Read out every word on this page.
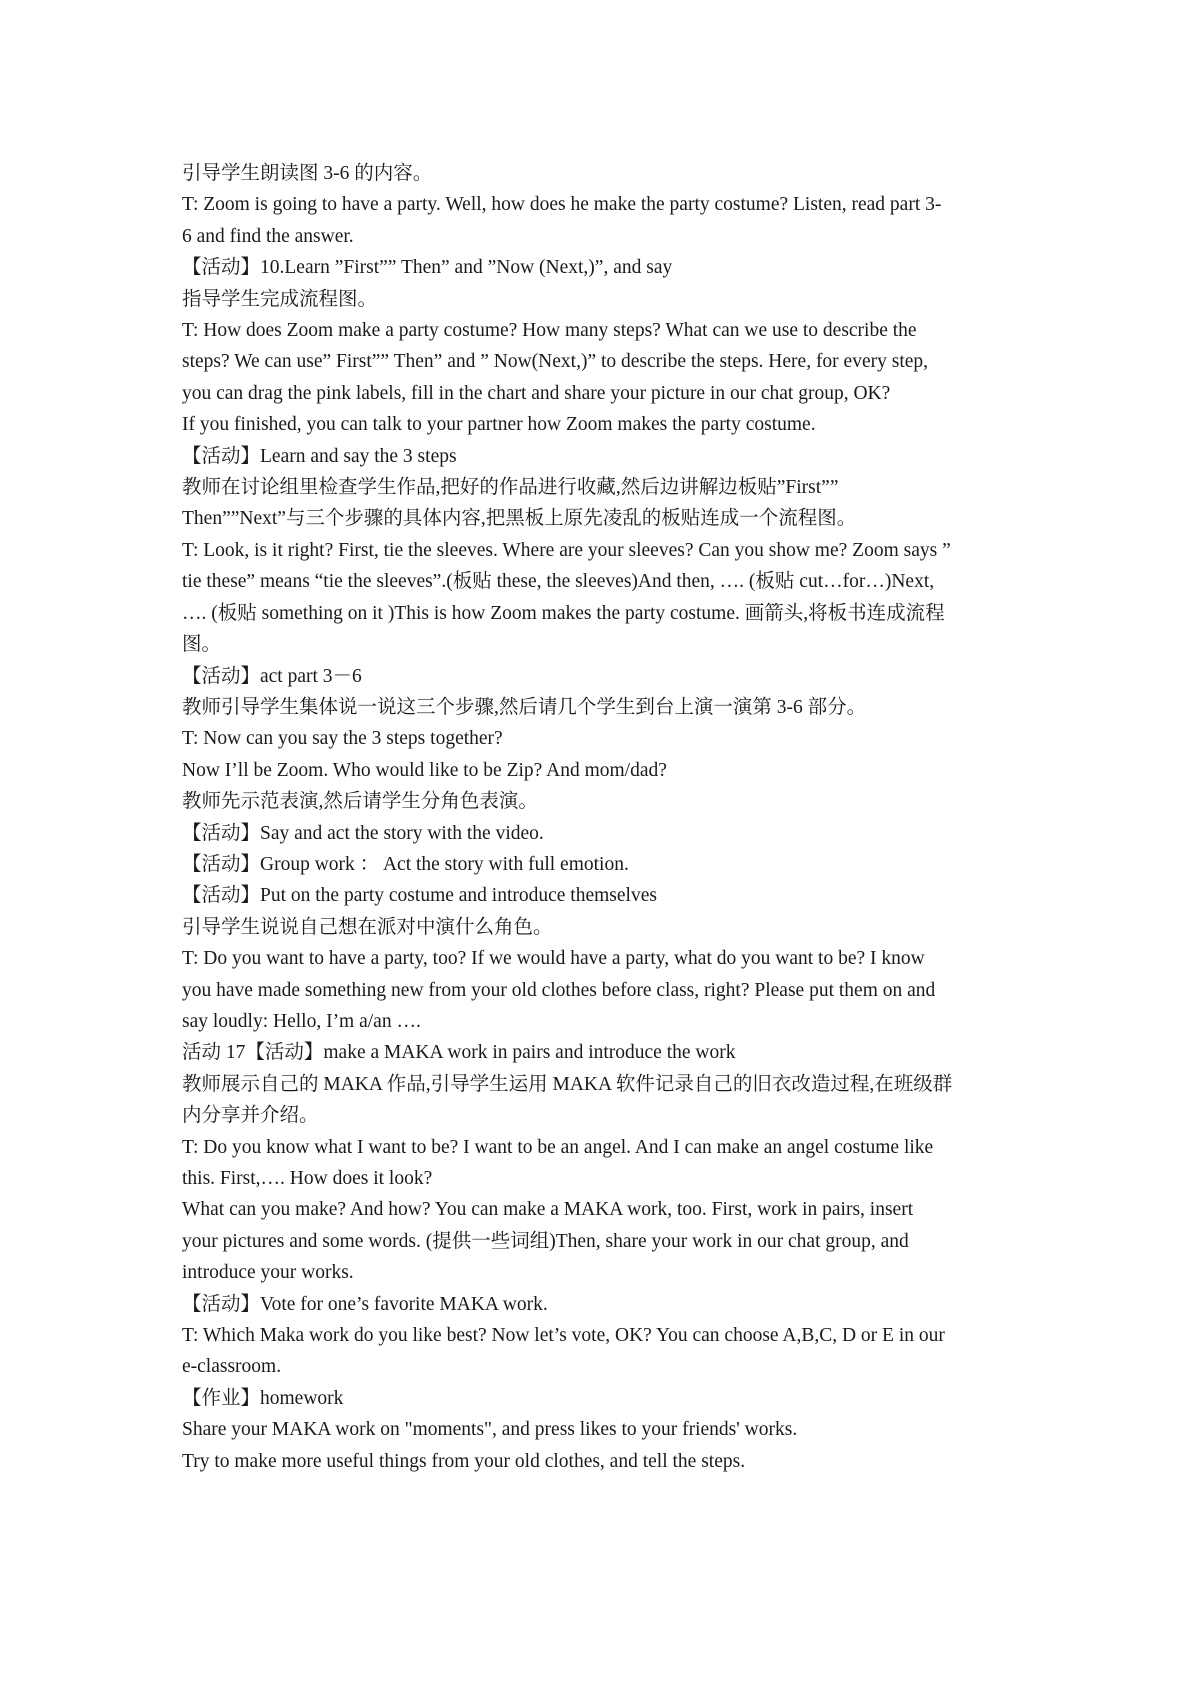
引导学生朗读图 3-6 的内容。
T: Zoom is going to have a party. Well, how does he make the party costume? Listen, read part 3-
6 and find the answer.
【活动】10.Learn ”First”” Then” and ”Now (Next,)”, and say
指导学生完成流程图。
T: How does Zoom make a party costume? How many steps? What can we use to describe the
steps? We can use” First”” Then” and ” Now(Next,)” to describe the steps. Here, for every step,
you can drag the pink labels, fill in the chart and share your picture in our chat group, OK?
If you finished, you can talk to your partner how Zoom makes the party costume.
【活动】Learn and say the 3 steps
教师在讨论组里检查学生作品,把好的作品进行收藏,然后边讲解边板贴”First””
Then””Next”与三个步骤的具体内容,把黑板上原先凌乱的板贴连成一个流程图。
T: Look, is it right? First, tie the sleeves. Where are your sleeves? Can you show me? Zoom says ”
tie these” means “tie the sleeves”.(板贴 these, the sleeves)And then, …. (板贴 cut…for…)Next,
…. (板贴 something on it )This is how Zoom makes the party costume. 画箭头,将板书连成流程
图。
【活动】act part 3－6
教师引导学生集体说一说这三个步骤,然后请几个学生到台上演一演第 3-6 部分。
T: Now can you say the 3 steps together?
Now I’ll be Zoom. Who would like to be Zip? And mom/dad?
教师先示范表演,然后请学生分角色表演。
【活动】Say and act the story with the video.
【活动】Group work ： Act the story with full emotion.
【活动】Put on the party costume and introduce themselves
引导学生说说自己想在派对中演什么角色。
T: Do you want to have a party, too? If we would have a party, what do you want to be? I know
you have made something new from your old clothes before class, right? Please put them on and
say loudly: Hello, I’m a/an ….
活动 17【活动】make a MAKA work in pairs and introduce the work
教师展示自己的 MAKA 作品,引导学生运用 MAKA 软件记录自己的旧衣改造过程,在班级群
内分享并介绍。
T: Do you know what I want to be? I want to be an angel. And I can make an angel costume like
this. First,…. How does it look?
What can you make? And how? You can make a MAKA work, too. First, work in pairs, insert
your pictures and some words. (提供一些词组)Then, share your work in our chat group, and
introduce your works.
【活动】Vote for one’s favorite MAKA work.
T: Which Maka work do you like best? Now let’s vote, OK? You can choose A,B,C, D or E in our
e-classroom.
【作业】homework
Share your MAKA work on "moments", and press likes to your friends' works.
Try to make more useful things from your old clothes, and tell the steps.
